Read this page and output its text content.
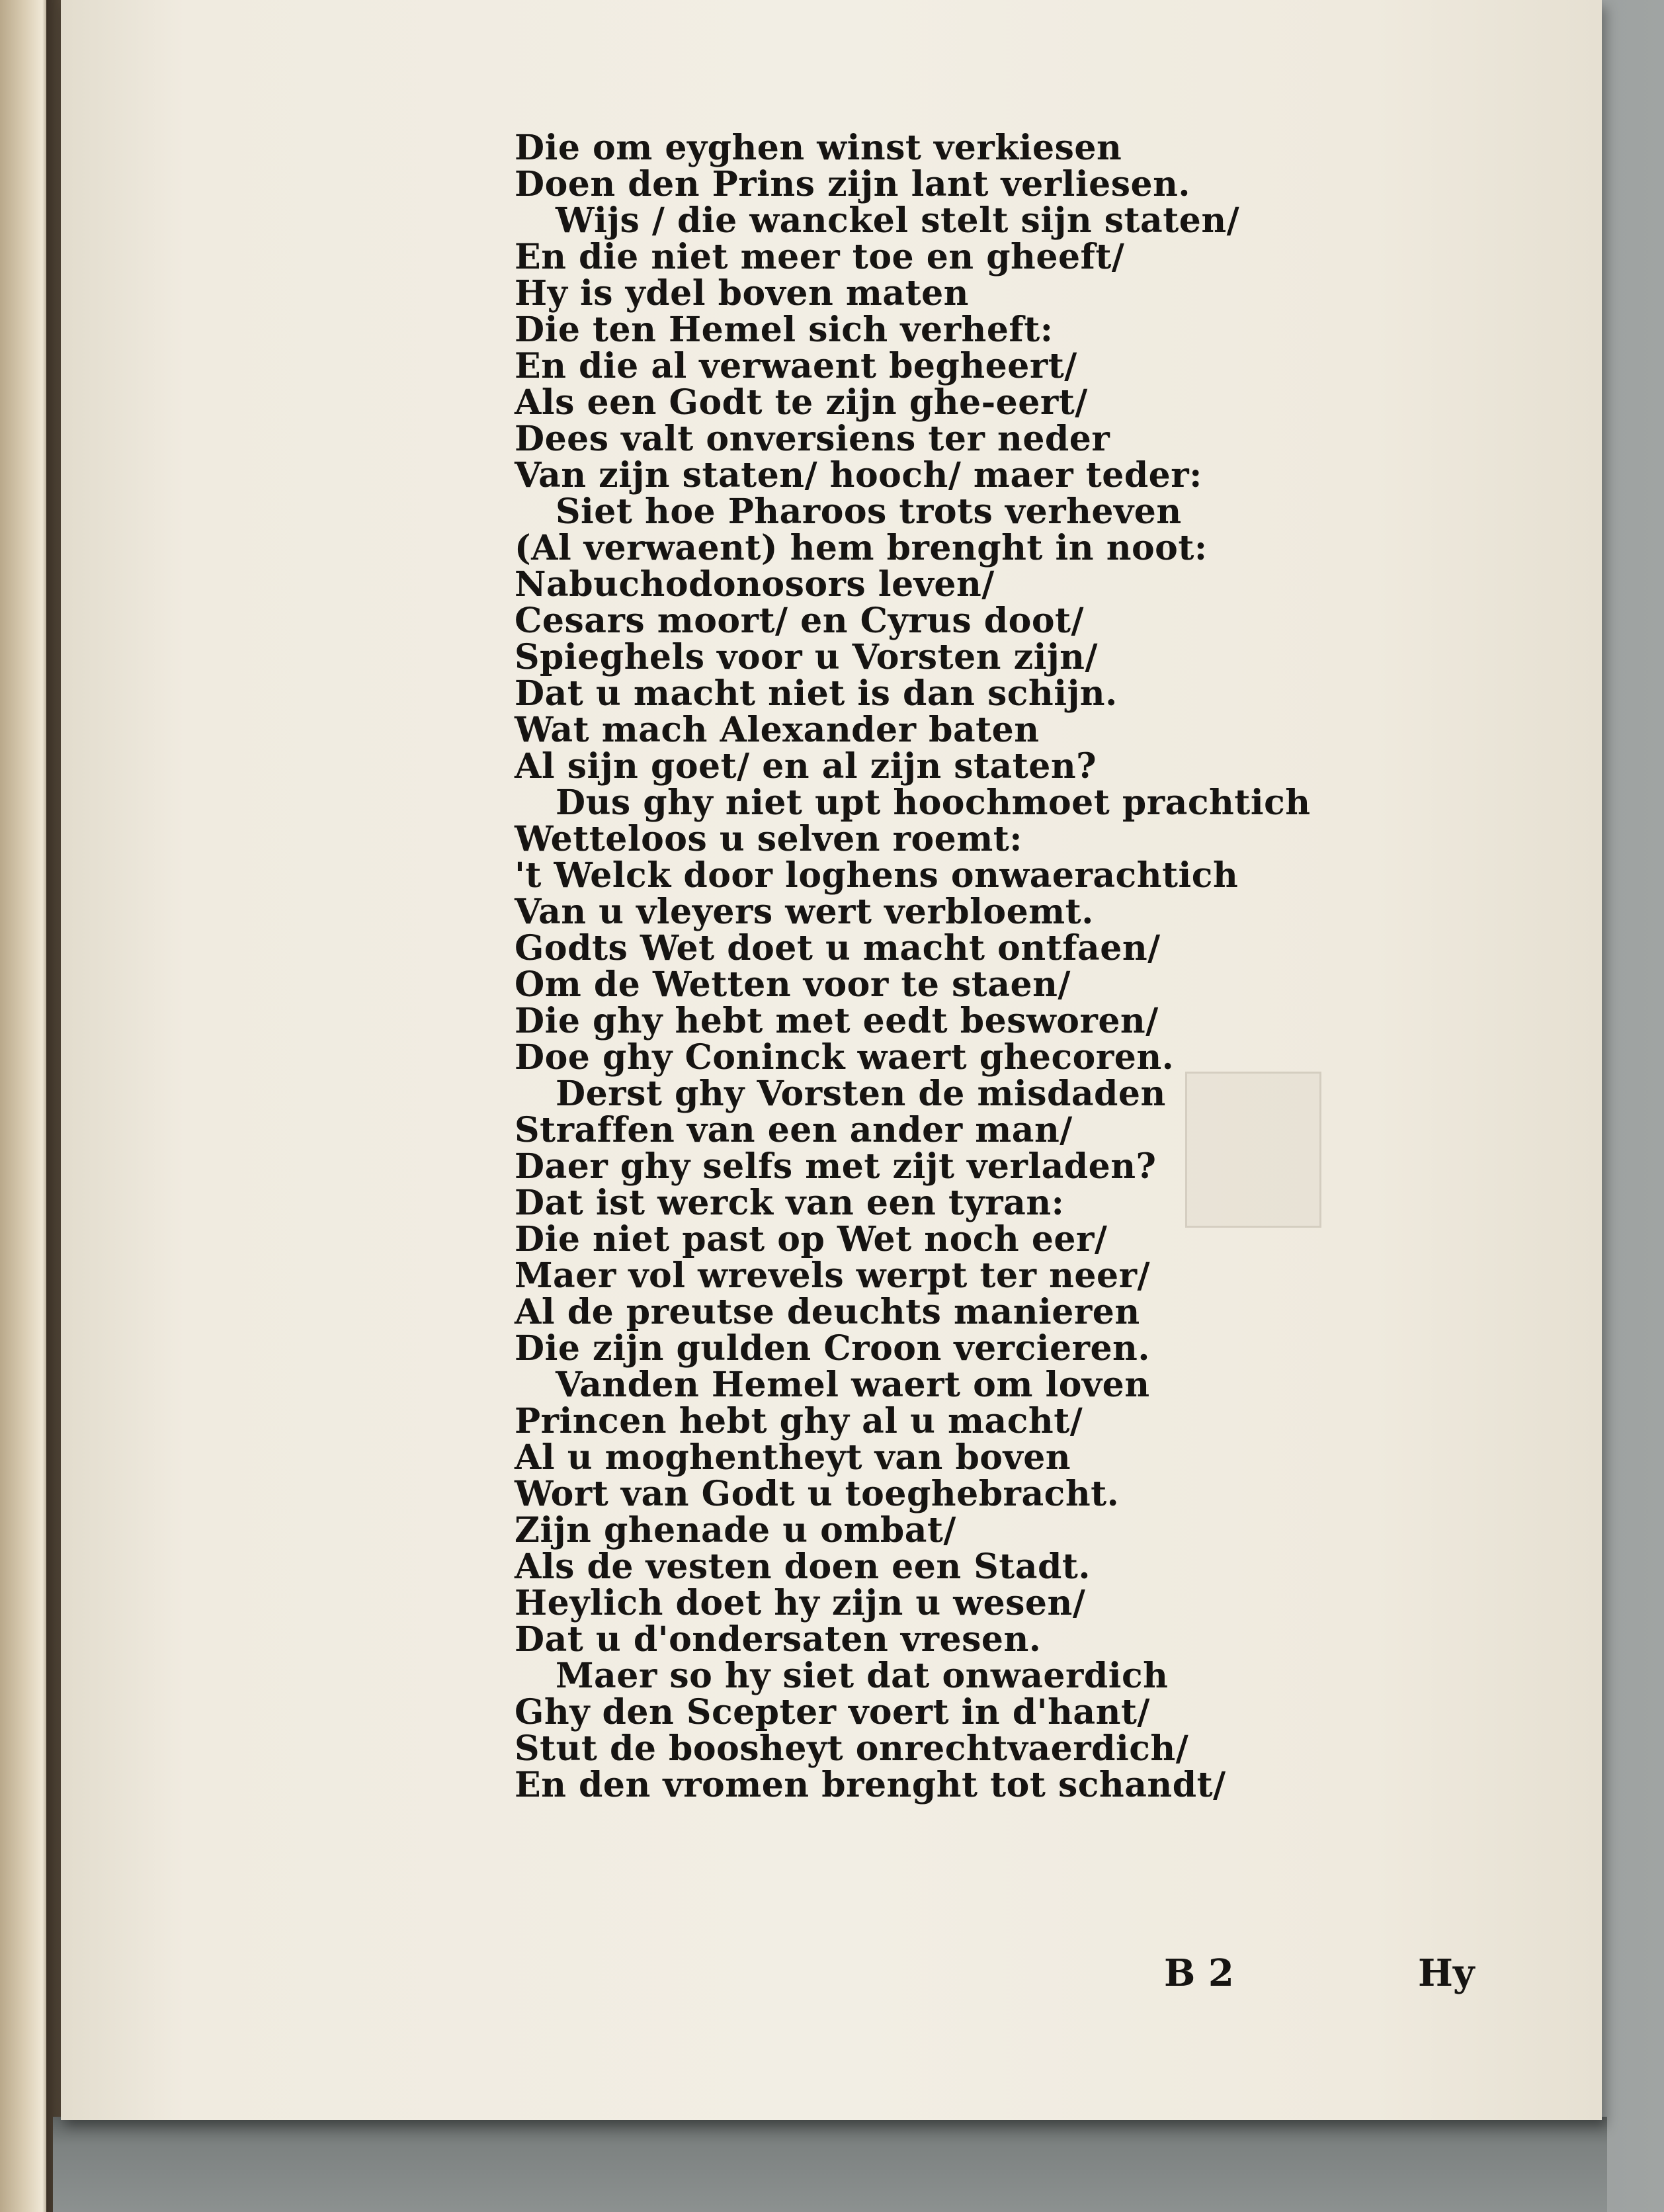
Die om eyghen winst verkiesen
Doen den Prins zijn lant verliesen.
Wijs / die wanckel stelt sijn staten/
En die niet meer toe en gheeft/
Hy is ydel boven maten
Die ten Hemel sich verheft:
En die al verwaent begheert/
Als een Godt te zijn ghe-eert/
Dees valt onversiens ter neder
Van zijn staten/ hooch/ maer teder:
Siet hoe Pharoos trots verheven
(Al verwaent) hem brenght in noot:
Nabuchodonosors leven/
Cesars moort/ en Cyrus doot/
Spieghels voor u Vorsten zijn/
Dat u macht niet is dan schijn.
Wat mach Alexander baten
Al sijn goet/ en al zijn staten?
Dus ghy niet upt hoochmoet prachtich
Wetteloos u selven roemt:
't Welck door loghens onwaerachtich
Van u vleyers wert verbloemt.
Godts Wet doet u macht ontfaen/
Om de Wetten voor te staen/
Die ghy hebt met eedt besworen/
Doe ghy Coninck waert ghecoren.
Derst ghy Vorsten de misdaden
Straffen van een ander man/
Daer ghy selfs met zijt verladen?
Dat ist werck van een tyran:
Die niet past op Wet noch eer/
Maer vol wrevels werpt ter neer/
Al de preutse deuchts manieren
Die zijn gulden Croon vercieren.
Vanden Hemel waert om loven
Princen hebt ghy al u macht/
Al u moghentheyt van boven
Wort van Godt u toeghebracht.
Zijn ghenade u ombat/
Als de vesten doen een Stadt.
Heylich doet hy zijn u wesen/
Dat u d'ondersaten vresen.
Maer so hy siet dat onwaerdich
Ghy den Scepter voert in d'hant/
Stut de boosheyt onrechtvaerdich/
En den vromen brenght tot schandt/
B 2	Hy
